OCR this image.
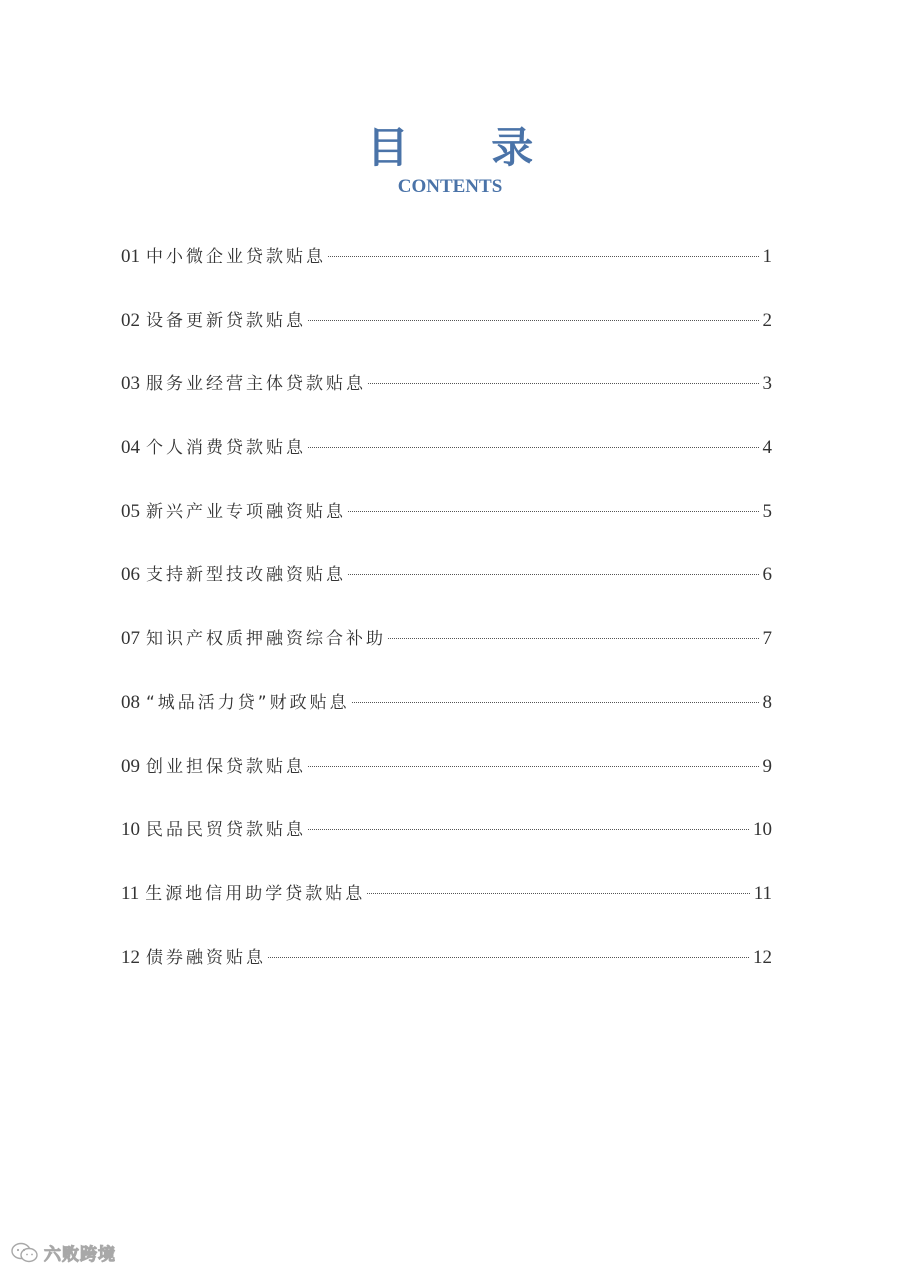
目 录
CONTENTS
01 中小微企业贷款贴息	1
02 设备更新贷款贴息	2
03 服务业经营主体贷款贴息	3
04 个人消费贷款贴息	4
05 新兴产业专项融资贴息	5
06 支持新型技改融资贴息	6
07 知识产权质押融资综合补助	7
08 “城品活力贷”财政贴息	8
09 创业担保贷款贴息	9
10 民品民贸贷款贴息	10
11 生源地信用助学贷款贴息	11
12 债券融资贴息	12
六败跨境
